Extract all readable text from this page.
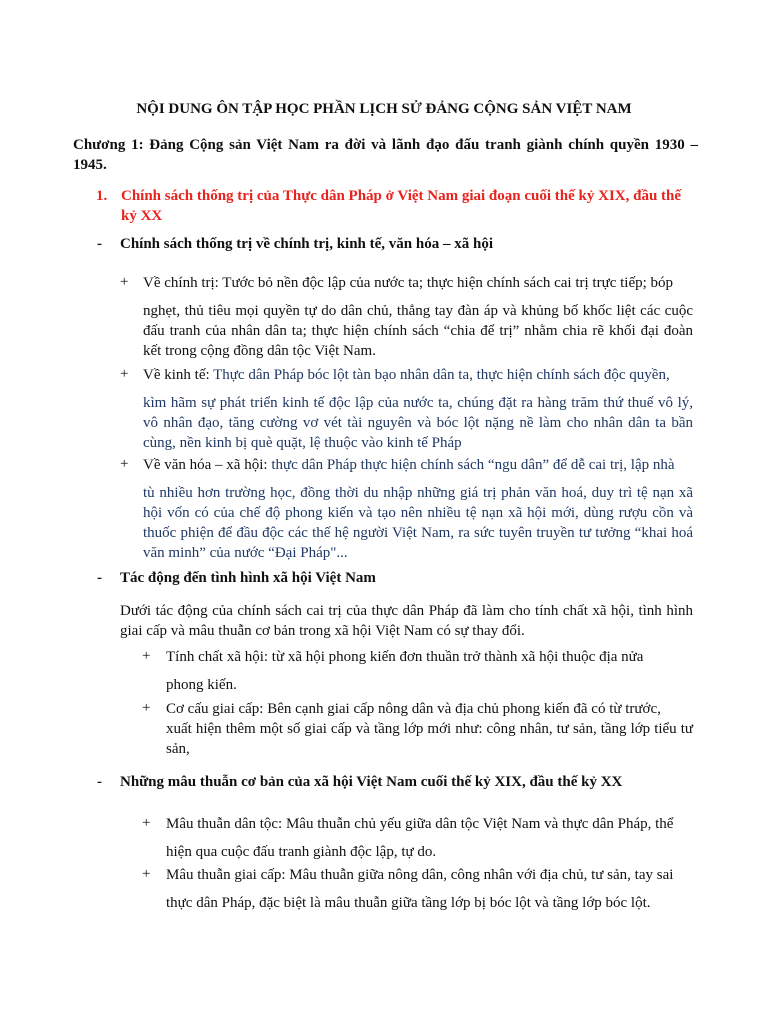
NỘI DUNG ÔN TẬP HỌC PHẦN LỊCH SỬ ĐẢNG CỘNG SẢN VIỆT NAM
Chương 1: Đảng Cộng sản Việt Nam ra đời và lãnh đạo đấu tranh giành chính quyền 1930 – 1945.
1. Chính sách thống trị của Thực dân Pháp ở Việt Nam giai đoạn cuối thế kỷ XIX, đầu thế kỷ XX
- Chính sách thống trị về chính trị, kinh tế, văn hóa – xã hội
+ Về chính trị: Tước bỏ nền độc lập của nước ta; thực hiện chính sách cai trị trực tiếp; bóp
nghẹt, thủ tiêu mọi quyền tự do dân chủ, thẳng tay đàn áp và khủng bố khốc liệt các cuộc đấu tranh của nhân dân ta; thực hiện chính sách “chia để trị” nhằm chia rẽ khối đại đoàn kết trong cộng đồng dân tộc Việt Nam.
+ Về kinh tế: Thực dân Pháp bóc lột tàn bạo nhân dân ta, thực hiện chính sách độc quyền,
kìm hãm sự phát triển kinh tế độc lập của nước ta, chúng đặt ra hàng trăm thứ thuế vô lý, vô nhân đạo, tăng cường vơ vét tài nguyên và bóc lột nặng nề làm cho nhân dân ta bần cùng, nền kinh bị què quặt, lệ thuộc vào kinh tế Pháp
+ Về văn hóa – xã hội: thực dân Pháp thực hiện chính sách “ngu dân” để dễ cai trị, lập nhà
tù nhiều hơn trường học, đồng thời du nhập những giá trị phản văn hoá, duy trì tệ nạn xã hội vốn có của chế độ phong kiến và tạo nên nhiều tệ nạn xã hội mới, dùng rượu cồn và thuốc phiện để đầu độc các thế hệ người Việt Nam, ra sức tuyên truyền tư tưởng “khai hoá văn minh” của nước “Đại Pháp"...
- Tác động đến tình hình xã hội Việt Nam
Dưới tác động của chính sách cai trị của thực dân Pháp đã làm cho tính chất xã hội, tình hình giai cấp và mâu thuẫn cơ bản trong xã hội Việt Nam có sự thay đổi.
+ Tính chất xã hội: từ xã hội phong kiến đơn thuần trở thành xã hội thuộc địa nửa
phong kiến.
+ Cơ cấu giai cấp: Bên cạnh giai cấp nông dân và địa chủ phong kiến đã có từ trước,
xuất hiện thêm một số giai cấp và tầng lớp mới như: công nhân, tư sản, tầng lớp tiểu tư sản,
- Những mâu thuẫn cơ bản của xã hội Việt Nam cuối thế kỷ XIX, đầu thế kỷ XX
+ Mâu thuẫn dân tộc: Mâu thuẫn chủ yếu giữa dân tộc Việt Nam và thực dân Pháp, thể
hiện qua cuộc đấu tranh giành độc lập, tự do.
+ Mâu thuẫn giai cấp: Mâu thuẫn giữa nông dân, công nhân với địa chủ, tư sản, tay sai
thực dân Pháp, đặc biệt là mâu thuẫn giữa tầng lớp bị bóc lột và tầng lớp bóc lột.
